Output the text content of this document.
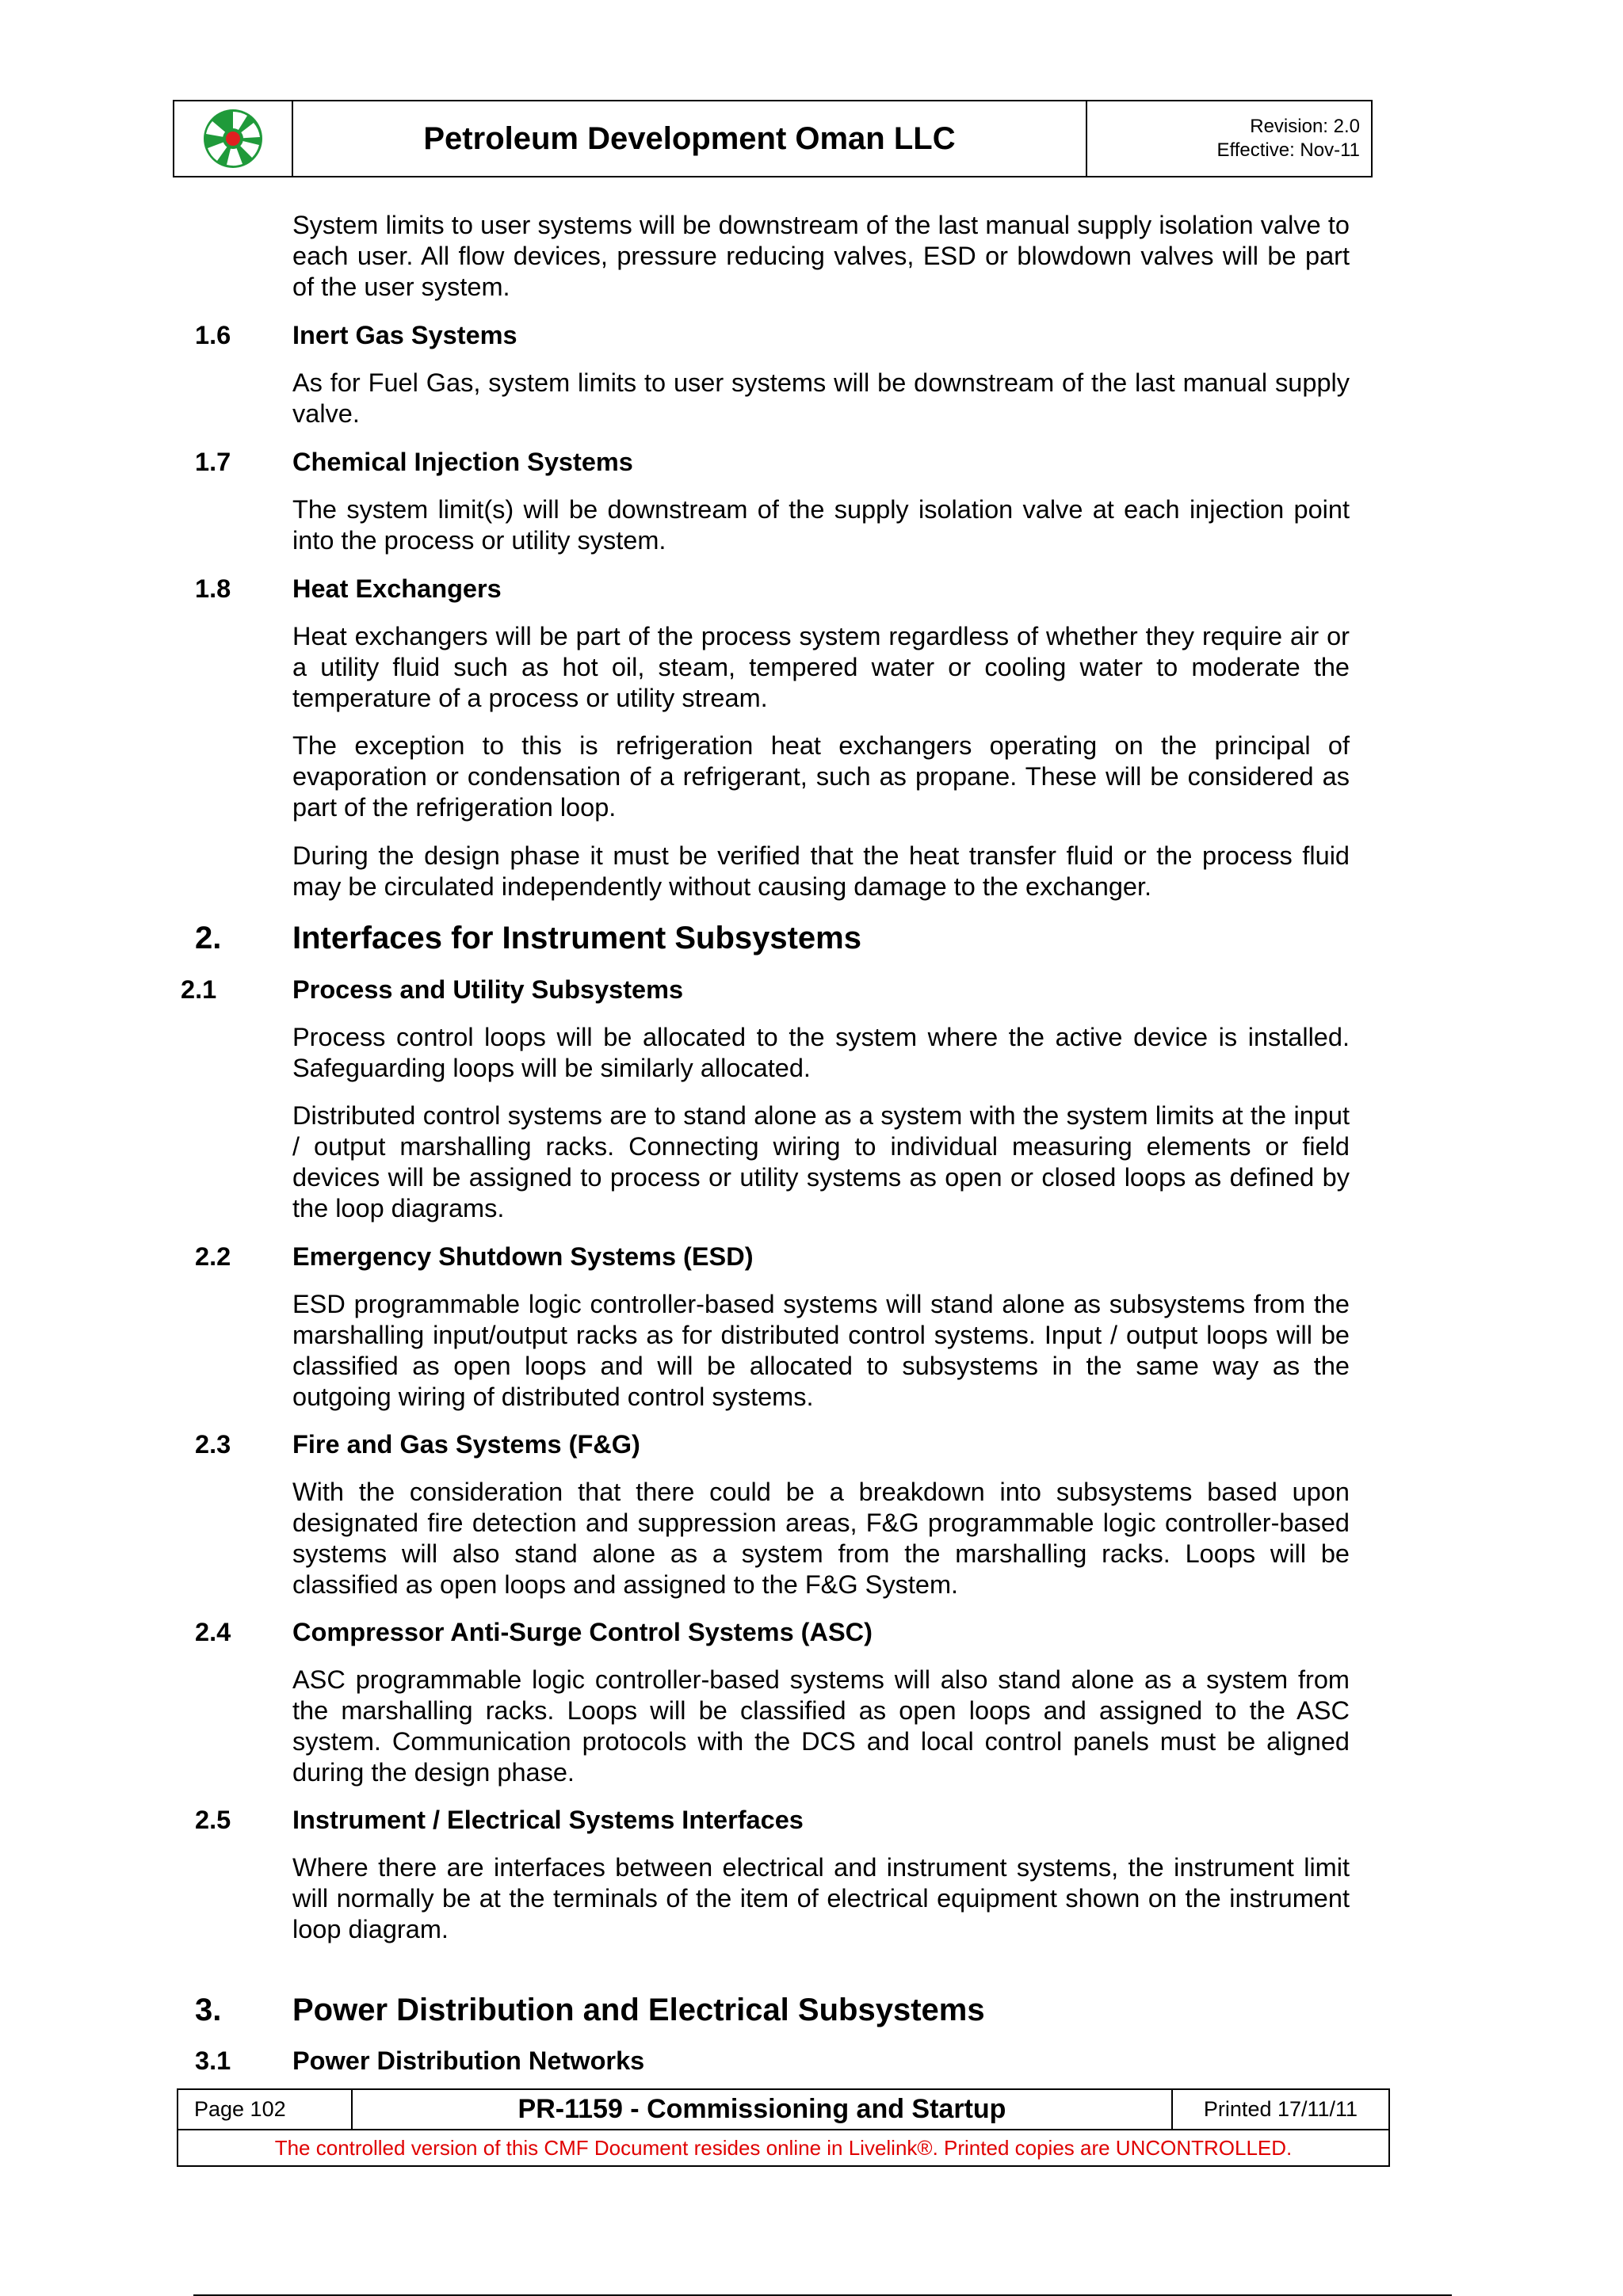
Petroleum Development Oman LLC	Revision: 2.0
Effective: Nov-11

System limits to user systems will be downstream of the last manual supply isolation valve to each user. All flow devices, pressure reducing valves, ESD or blowdown valves will be part of the user system.

1.6 Inert Gas Systems

As for Fuel Gas, system limits to user systems will be downstream of the last manual supply valve.

1.7 Chemical Injection Systems

The system limit(s) will be downstream of the supply isolation valve at each injection point into the process or utility system.

1.8 Heat Exchangers

Heat exchangers will be part of the process system regardless of whether they require air or a utility fluid such as hot oil, steam, tempered water or cooling water to moderate the temperature of a process or utility stream.

The exception to this is refrigeration heat exchangers operating on the principal of evaporation or condensation of a refrigerant, such as propane. These will be considered as part of the refrigeration loop.

During the design phase it must be verified that the heat transfer fluid or the process fluid may be circulated independently without causing damage to the exchanger.

2. Interfaces for Instrument Subsystems
2.1	Process and Utility Subsystems

Process control loops will be allocated to the system where the active device is installed. Safeguarding loops will be similarly allocated.

Distributed control systems are to stand alone as a system with the system limits at the input / output marshalling racks. Connecting wiring to individual measuring elements or field devices will be assigned to process or utility systems as open or closed loops as defined by the loop diagrams.

2.2 Emergency Shutdown Systems (ESD)

ESD programmable logic controller-based systems will stand alone as subsystems from the marshalling input/output racks as for distributed control systems. Input / output loops will be classified as open loops and will be allocated to subsystems in the same way as the outgoing wiring of distributed control systems.

2.3 Fire and Gas Systems (F&G)

With the consideration that there could be a breakdown into subsystems based upon designated fire detection and suppression areas, F&G programmable logic controller-based systems will also stand alone as a system from the marshalling racks. Loops will be classified as open loops and assigned to the F&G System.

2.4 Compressor Anti-Surge Control Systems (ASC)

ASC programmable logic controller-based systems will also stand alone as a system from the marshalling racks. Loops will be classified as open loops and assigned to the ASC system. Communication protocols with the DCS and local control panels must be aligned during the design phase.

2.5 Instrument / Electrical Systems Interfaces

Where there are interfaces between electrical and instrument systems, the instrument limit will normally be at the terminals of the item of electrical equipment shown on the instrument loop diagram.

3. Power Distribution and Electrical Subsystems
3.1 Power Distribution Networks
Page 102	PR-1159 - Commissioning and Startup	Printed 17/11/11
The controlled version of this CMF Document resides online in Livelink®. Printed copies are UNCONTROLLED.
